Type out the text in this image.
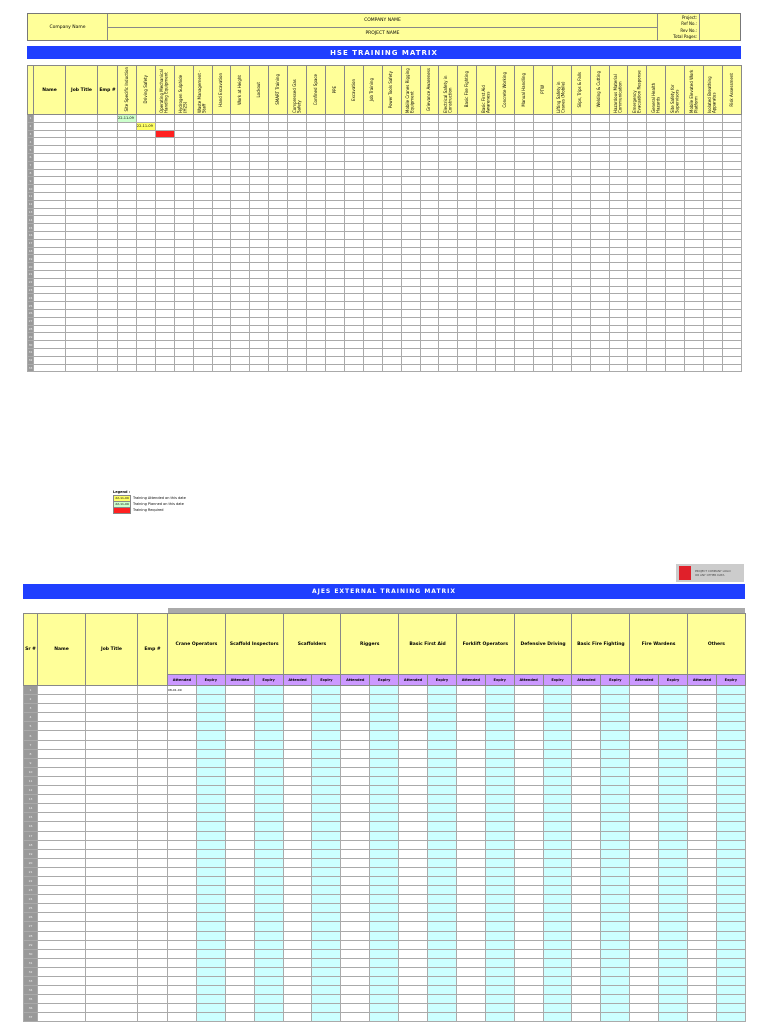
Company Name
COMPANY NAME
PROJECT NAME
Project:
Ref No.:
Rev No.:
Total Pages:
HSE TRAINING MATRIX
	Name	Job Title	Emp #	Site Specific Induction	Driving Safety	Operating Mechanical Handling Equipment	Hydrogen Sulphide (H2S)	Waste Management - Staff	Hand Excavation	Work at Height	Lockout	SMART Training	Compressed Gas Safety	Confined Space	PPE	Excavation	Job Training	Power Tools Safety	Mobile Cranes Rigging Equipment	Grievance Awareness	Electrical Safety in Construction	Basic Fire Fighting	Basic First Aid Awareness	Concrete Working	Manual Handling	PTW	Lifting Safety in Cranes (Mobile)	Slips, Trips & Falls	Welding & Cutting	Hazardous Material Communication	Emergency Evacuation Response	General Health Hazards	Site Safety for Supervisors	Mobile Elevated Work Platform	Isolated Breathing Apparatus	Risk Assessment
1				22-11-09																																
2					22-11-09																															
3																																				
4																																				
5																																				
6																																				
7																																				
8																																				
9																																				
10																																				
11																																				
12																																				
13																																				
14																																				
15																																				
16																																				
17																																				
18																																				
19																																				
20																																				
21																																				
22																																				
23																																				
24																																				
25																																				
26																																				
27																																				
28																																				
29																																				
30																																				
31																																				
32																																				
33																																				
Legend :
22-11-09	Training Attended on this date
22-11-09	Training Planned on this date
Training Required
PROJECT COMPANY LOGO
OR ANY OTHER DATA
AJES EXTERNAL TRAINING MATRIX

Sr #	Name	Job Title	Emp #	Crane Operators		Scaffold Inspectors		Scaffolders		Riggers		Basic First Aid		Forklift Operators		Defensive Driving		Basic Fire Fighting		Fire Wardens		Others	
				Attended	Expiry	Attended	Expiry	Attended	Expiry	Attended	Expiry	Attended	Expiry	Attended	Expiry	Attended	Expiry	Attended	Expiry	Attended	Expiry	Attended	Expiry
1				08-01-09																			
2																							
3																							
4																							
5																							
6																							
7																							
8																							
9																							
10																							
11																							
12																							
13																							
14																							
15																							
16																							
17																							
18																							
19																							
20																							
21																							
22																							
23																							
24																							
25																							
26																							
27																							
28																							
29																							
30																							
31																							
32																							
33																							
34																							
35																							
36																							
37																							
